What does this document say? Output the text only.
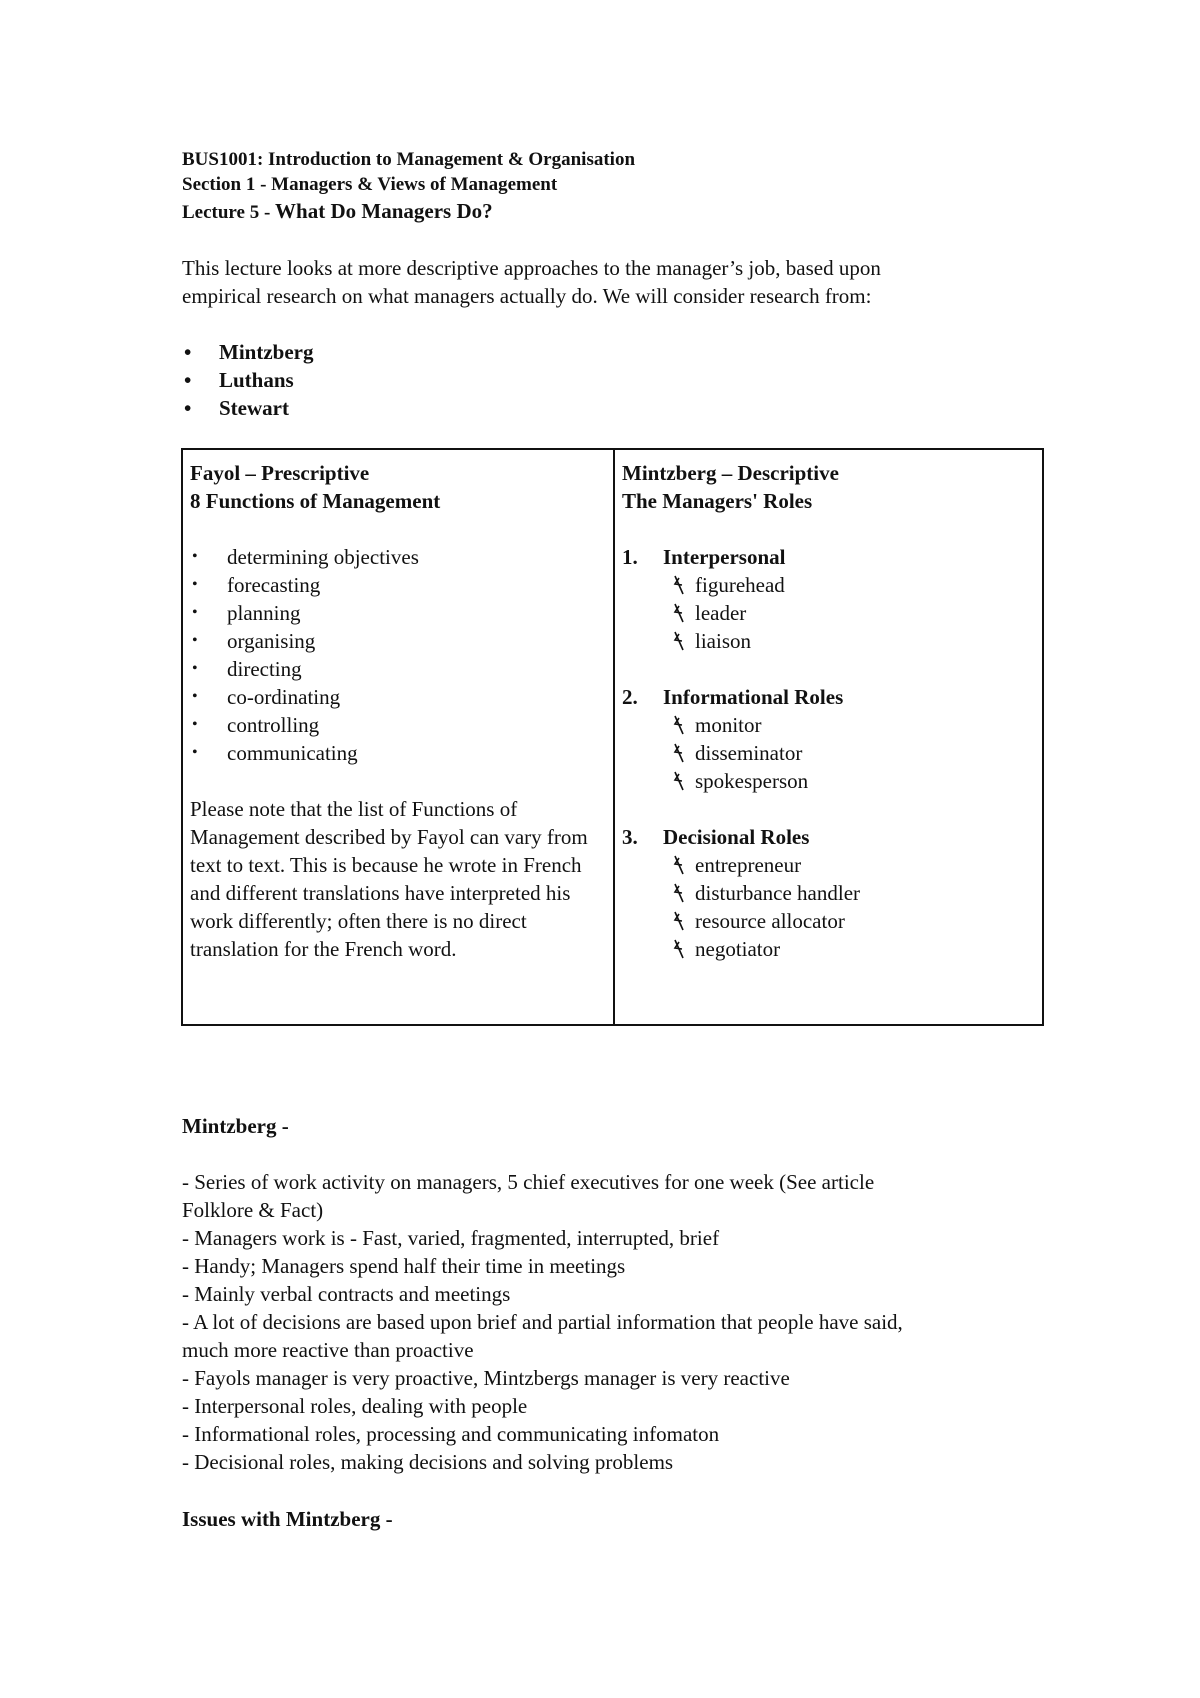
BUS1001: Introduction to Management & Organisation
Section 1 - Managers & Views of Management
Lecture 5 - What Do Managers Do?
This lecture looks at more descriptive approaches to the manager’s job, based upon
empirical research on what managers actually do. We will consider research from:
• Mintzberg
• Luthans
• Stewart
Fayol – Prescriptive
8 Functions of Management
• determining objectives
• forecasting
• planning
• organising
• directing
• co-ordinating
• controlling
• communicating
Please note that the list of Functions of Management described by Fayol can vary from text to text. This is because he wrote in French and different translations have interpreted his work differently; often there is no direct translation for the French word.
Mintzberg – Descriptive
The Managers' Roles
1. Interpersonal
figurehead
leader
liaison
2. Informational Roles
monitor
disseminator
spokesperson
3. Decisional Roles
entrepreneur
disturbance handler
resource allocator
negotiator
Mintzberg -
- Series of work activity on managers, 5 chief executives for one week (See article
Folklore & Fact)
- Managers work is - Fast, varied, fragmented, interrupted, brief
- Handy; Managers spend half their time in meetings
- Mainly verbal contracts and meetings
- A lot of decisions are based upon brief and partial information that people have said,
much more reactive than proactive
- Fayols manager is very proactive, Mintzbergs manager is very reactive
- Interpersonal roles, dealing with people
- Informational roles, processing and communicating infomaton
- Decisional roles, making decisions and solving problems
Issues with Mintzberg -
